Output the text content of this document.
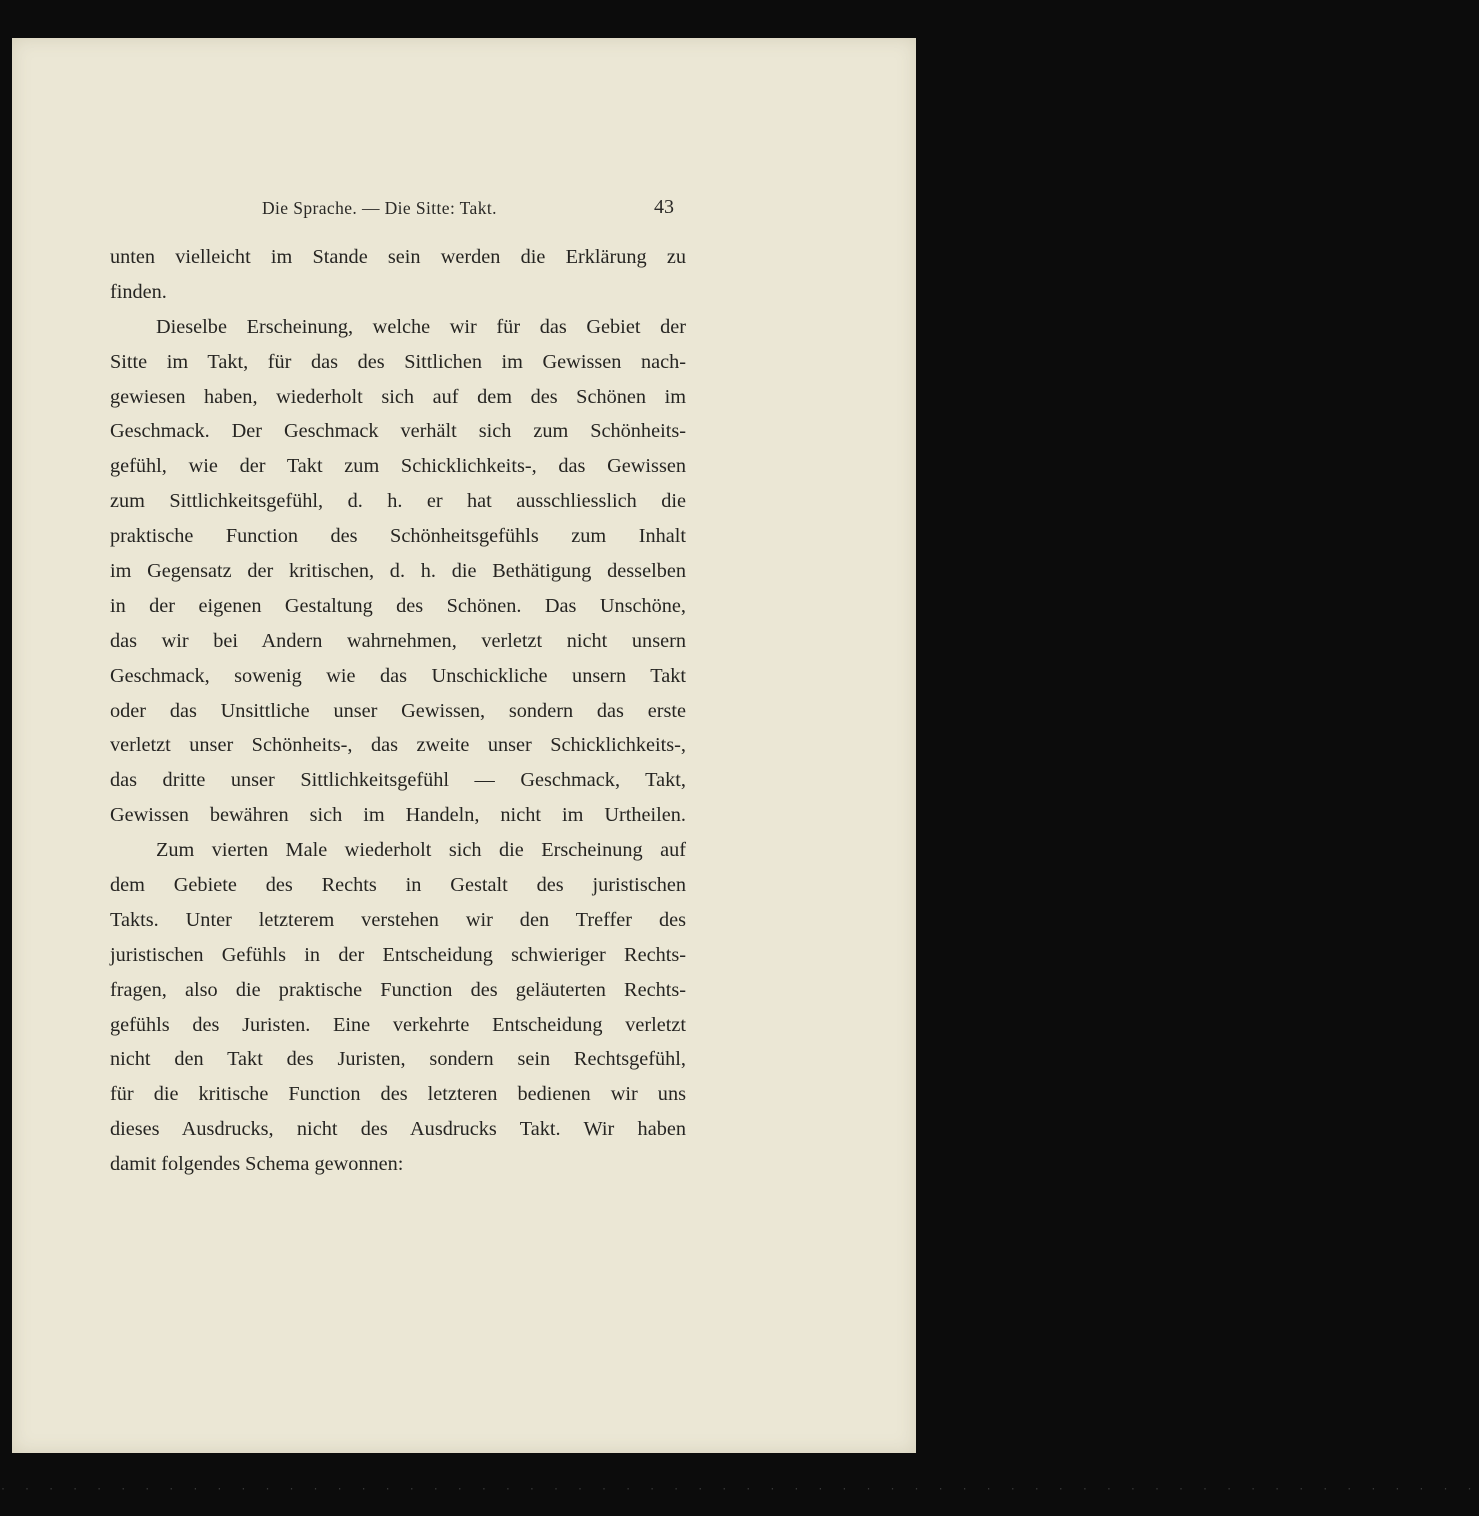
Die Sprache. — Die Sitte: Takt.	43
unten vielleicht im Stande sein werden die Erklärung zu
finden.
Dieselbe Erscheinung, welche wir für das Gebiet der
Sitte im Takt, für das des Sittlichen im Gewissen nach-
gewiesen haben, wiederholt sich auf dem des Schönen im
Geschmack. Der Geschmack verhält sich zum Schönheits-
gefühl, wie der Takt zum Schicklichkeits-, das Gewissen
zum Sittlichkeitsgefühl, d. h. er hat ausschliesslich die
praktische Function des Schönheitsgefühls zum Inhalt
im Gegensatz der kritischen, d. h. die Bethätigung desselben
in der eigenen Gestaltung des Schönen. Das Unschöne,
das wir bei Andern wahrnehmen, verletzt nicht unsern
Geschmack, sowenig wie das Unschickliche unsern Takt
oder das Unsittliche unser Gewissen, sondern das erste
verletzt unser Schönheits-, das zweite unser Schicklichkeits-,
das dritte unser Sittlichkeitsgefühl — Geschmack, Takt,
Gewissen bewähren sich im Handeln, nicht im Urtheilen.
Zum vierten Male wiederholt sich die Erscheinung auf
dem Gebiete des Rechts in Gestalt des juristischen
Takts. Unter letzterem verstehen wir den Treffer des
juristischen Gefühls in der Entscheidung schwieriger Rechts-
fragen, also die praktische Function des geläuterten Rechts-
gefühls des Juristen. Eine verkehrte Entscheidung verletzt
nicht den Takt des Juristen, sondern sein Rechtsgefühl,
für die kritische Function des letzteren bedienen wir uns
dieses Ausdrucks, nicht des Ausdrucks Takt. Wir haben
damit folgendes Schema gewonnen:
· · · · · · · · · · · · · · · · · · · · · · · · · · · · · · · · · · · · · · · · · · · · · · · · · · · · · · · · · · · · · ·
